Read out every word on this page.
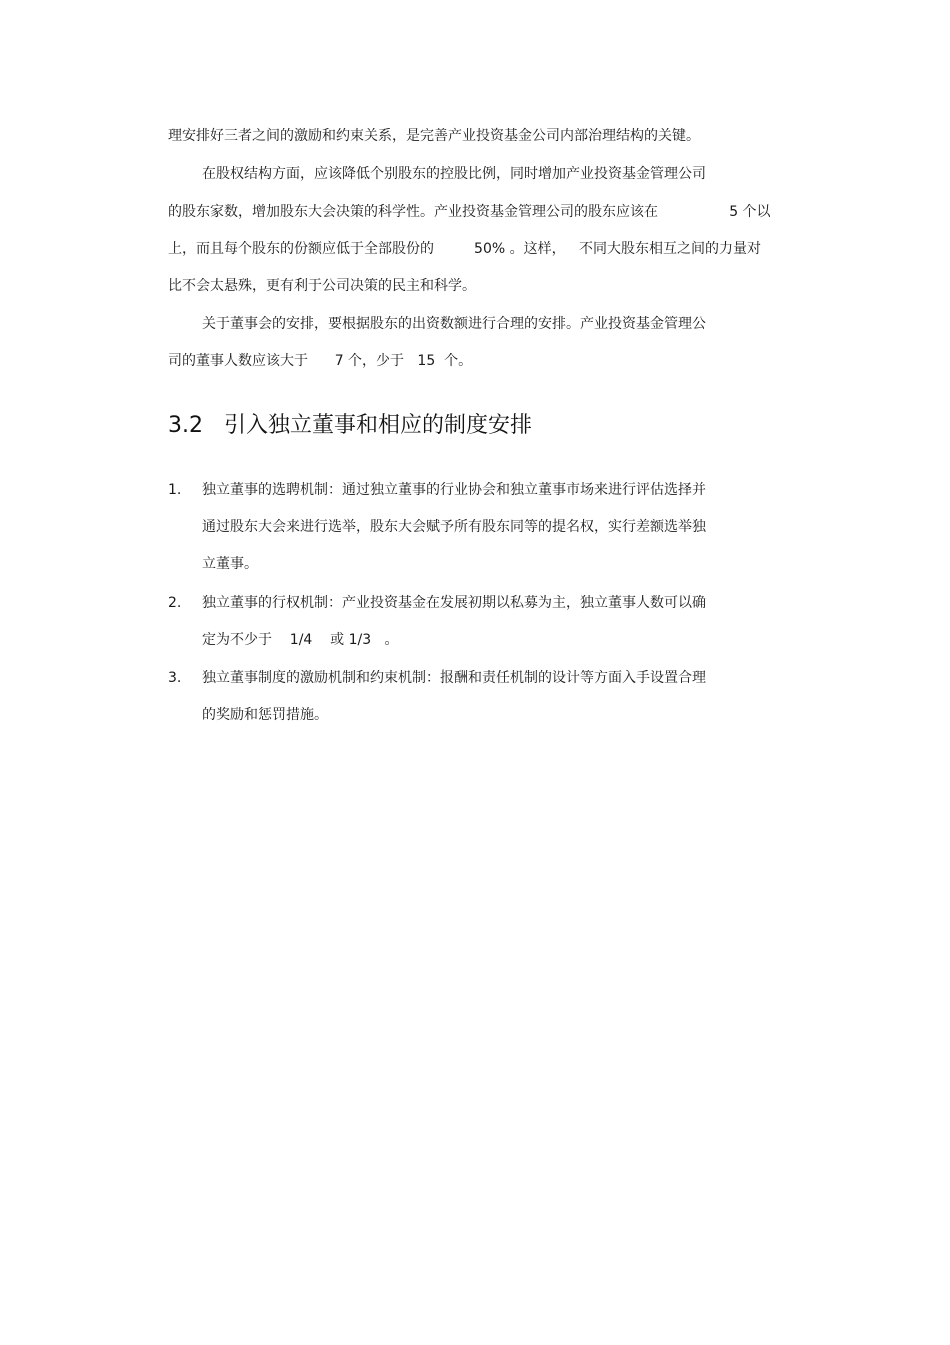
理安排好三者之间的激励和约束关系，是完善产业投资基金公司内部治理结构的关键。
在股权结构方面，应该降低个别股东的控股比例，同时增加产业投资基金管理公司
的股东家数，增加股东大会决策的科学性。产业投资基金管理公司的股东应该在                5 个以
上，而且每个股东的份额应低于全部股份的         50% 。这样，   不同大股东相互之间的力量对
比不会太悬殊，更有利于公司决策的民主和科学。
关于董事会的安排，要根据股东的出资数额进行合理的安排。产业投资基金管理公
司的董事人数应该大于      7 个，少于   15  个。
3.2   引入独立董事和相应的制度安排
1. 独立董事的选聘机制：通过独立董事的行业协会和独立董事市场来进行评估选择并
通过股东大会来进行选举，股东大会赋予所有股东同等的提名权，实行差额选举独
立董事。
2. 独立董事的行权机制：产业投资基金在发展初期以私募为主，独立董事人数可以确
定为不少于    1/4    或 1/3   。
3. 独立董事制度的激励机制和约束机制：报酬和责任机制的设计等方面入手设置合理
的奖励和惩罚措施。
